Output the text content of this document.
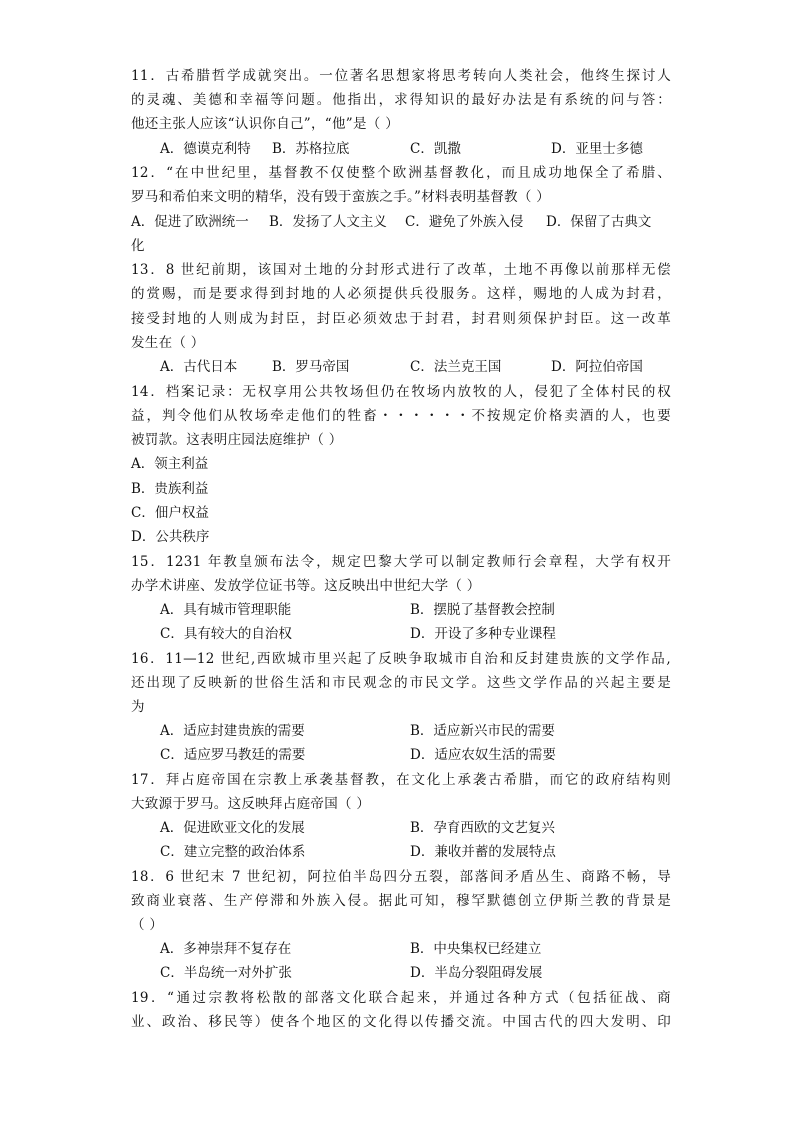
11．古希腊哲学成就突出。一位著名思想家将思考转向人类社会，他终生探讨人
的灵魂、美德和幸福等问题。他指出，求得知识的最好办法是有系统的问与答：
他还主张人应该“认识你自己”，“他”是（ ）
A．德谟克利特 B．苏格拉底	C．凯撒	D．亚里士多德
12．“在中世纪里，基督教不仅使整个欧洲基督教化，而且成功地保全了希腊、
罗马和希伯来文明的精华，没有毁于蛮族之手。”材料表明基督教（ ）
A．促进了欧洲统一 B．发扬了人文主义 C．避免了外族入侵 D．保留了古典文
化
13．8 世纪前期，该国对土地的分封形式进行了改革，土地不再像以前那样无偿
的赏赐，而是要求得到封地的人必须提供兵役服务。这样，赐地的人成为封君，
接受封地的人则成为封臣，封臣必须效忠于封君，封君则须保护封臣。这一改革
发生在（ ）
A．古代日本	B．罗马帝国	C．法兰克王国	D．阿拉伯帝国
14．档案记录：无权享用公共牧场但仍在牧场内放牧的人，侵犯了全体村民的权
益，判令他们从牧场牵走他们的牲畜・・・・・・不按规定价格卖酒的人，也要
被罚款。这表明庄园法庭维护（ ）
A．领主利益
B．贵族利益
C．佃户权益
D．公共秩序
15．1231 年教皇颁布法令，规定巴黎大学可以制定教师行会章程，大学有权开
办学术讲座、发放学位证书等。这反映出中世纪大学（ ）
A．具有城市管理职能	B．摆脱了基督教会控制
C．具有较大的自治权	D．开设了多种专业课程
16．11—12 世纪,西欧城市里兴起了反映争取城市自治和反封建贵族的文学作品,
还出现了反映新的世俗生活和市民观念的市民文学。这些文学作品的兴起主要是
为
A．适应封建贵族的需要	B．适应新兴市民的需要
C．适应罗马教廷的需要	D．适应农奴生活的需要
17．拜占庭帝国在宗教上承袭基督教，在文化上承袭古希腊，而它的政府结构则
大致源于罗马。这反映拜占庭帝国（ ）
A．促进欧亚文化的发展	B．孕育西欧的文艺复兴
C．建立完整的政治体系	D．兼收并蓄的发展特点
18．6 世纪末 7 世纪初，阿拉伯半岛四分五裂，部落间矛盾丛生、商路不畅，导
致商业衰落、生产停滞和外族入侵。据此可知，穆罕默德创立伊斯兰教的背景是
（ ）
A．多神崇拜不复存在	B．中央集权已经建立
C．半岛统一对外扩张	D．半岛分裂阻碍发展
19．“通过宗教将松散的部落文化联合起来，并通过各种方式（包括征战、商
业、政治、移民等）使各个地区的文化得以传播交流。中国古代的四大发明、印
